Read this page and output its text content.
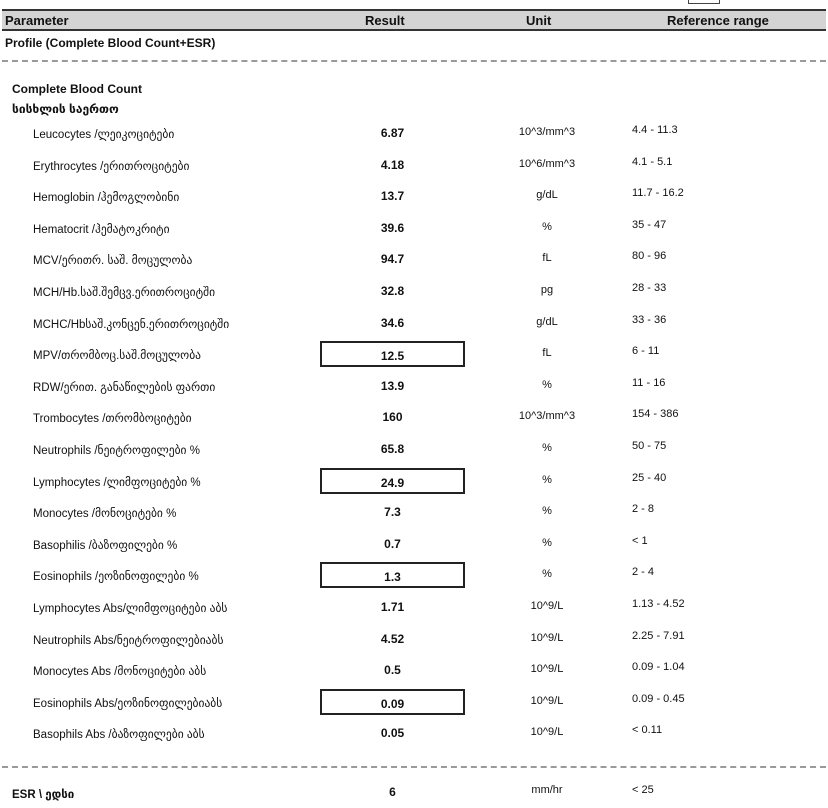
Parameter	Result	Unit	Reference range
Profile (Complete Blood Count+ESR)
Complete Blood Count
სისხლის საერთო
Leucocytes /ლეიკოციტები	6.87	10^3/mm^3	4.4 - 11.3
Erythrocytes /ერითროციტები	4.18	10^6/mm^3	4.1 - 5.1
Hemoglobin /ჰემოგლობინი	13.7	g/dL	11.7 - 16.2
Hematocrit /ჰემატოკრიტი	39.6	%	35 - 47
MCV/ერითრ. საშ. მოცულობა	94.7	fL	80 - 96
MCH/Hb.საშ.შემცვ.ერითროციტში	32.8	pg	28 - 33
MCHC/Hbსაშ.კონცენ.ერითროციტში	34.6	g/dL	33 - 36
MPV/თრომბოც.საშ.მოცულობა	12.5	fL	6 - 11
RDW/ერით. განაწილების ფართი	13.9	%	11 - 16
Trombocytes /თრომბოციტები	160	10^3/mm^3	154 - 386
Neutrophils /ნეიტროფილები %	65.8	%	50 - 75
Lymphocytes /ლიმფოციტები %	24.9	%	25 - 40
Monocytes /მონოციტები %	7.3	%	2 - 8
Basophilis /ბაზოფილები %	0.7	%	< 1
Eosinophils /ეოზინოფილები %	1.3	%	2 - 4
Lymphocytes Abs/ლიმფოციტები აბს	1.71	10^9/L	1.13 - 4.52
Neutrophils Abs/ნეიტროფილებიაბს	4.52	10^9/L	2.25 - 7.91
Monocytes Abs /მონოციტები აბს	0.5	10^9/L	0.09 - 1.04
Eosinophils Abs/ეოზინოფილებიაბს	0.09	10^9/L	0.09 - 0.45
Basophils Abs /ბაზოფილები აბს	0.05	10^9/L	< 0.11
ESR \ ედსი	6	mm/hr	< 25
